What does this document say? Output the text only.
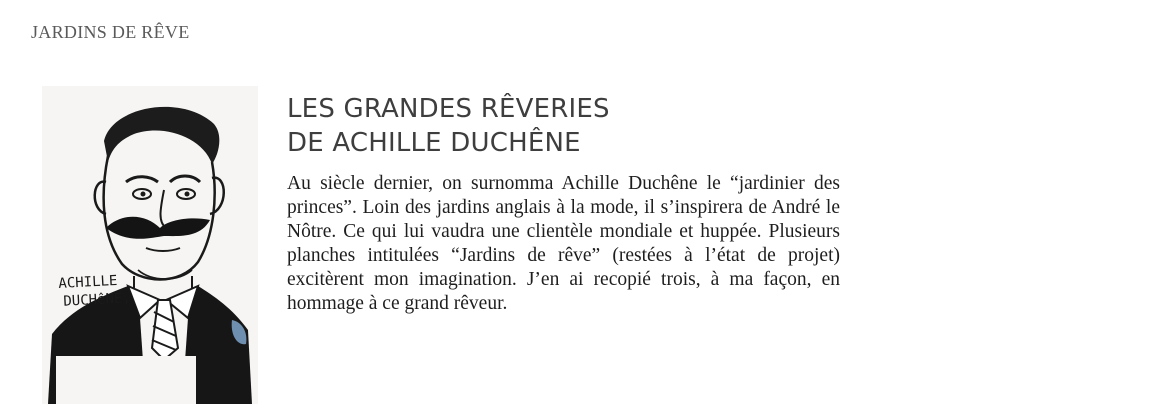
JARDINS DE RÊVE
ACHILLE
DUCHêNE,
LES GRANDES RÊVERIES
DE ACHILLE DUCHÊNE

Au siècle dernier, on surnomma Achille Duchêne le “jardinier des princes”. Loin des jardins anglais à la mode, il s’inspirera de André le Nôtre. Ce qui lui vaudra une clientèle mondiale et huppée. Plusieurs planches intitulées “Jardins de rêve” (restées à l’état de projet) excitèrent mon imagination. J’en ai recopié trois, à ma façon, en hommage à ce grand rêveur.
